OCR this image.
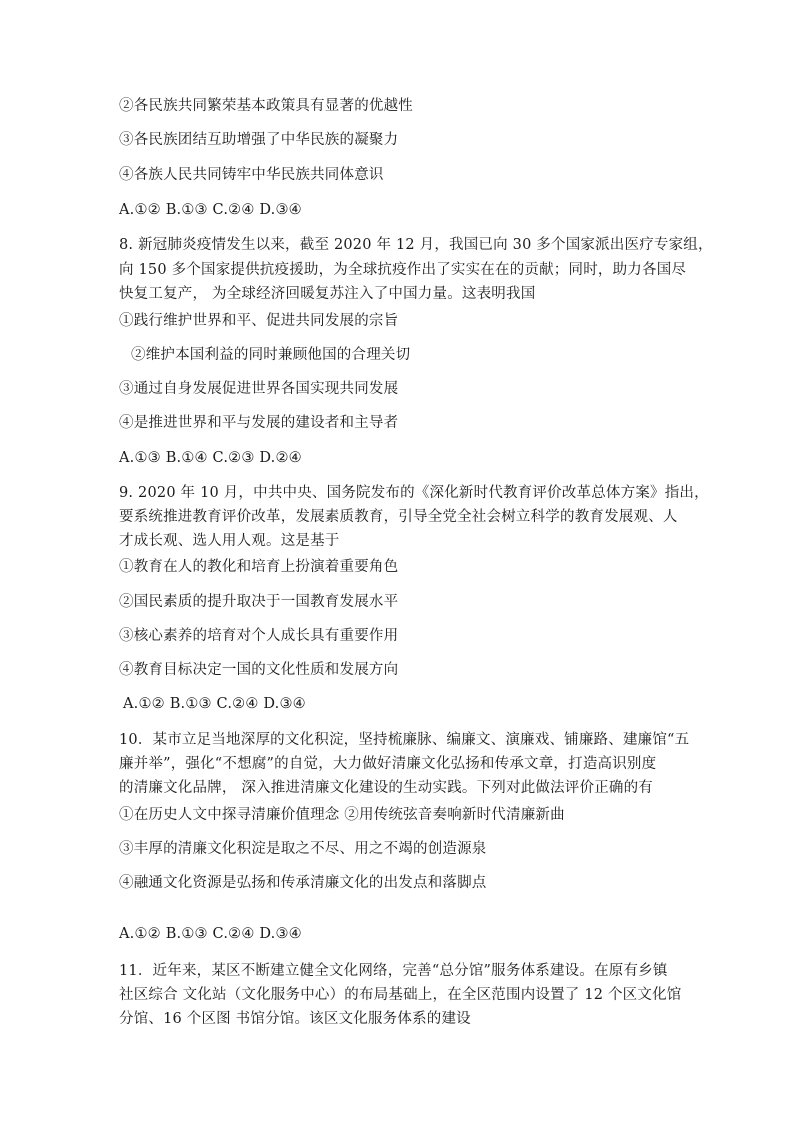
②各民族共同繁荣基本政策具有显著的优越性
③各民族团结互助增强了中华民族的凝聚力
④各族人民共同铸牢中华民族共同体意识
A.①② B.①③ C.②④ D.③④
8. 新冠肺炎疫情发生以来，截至 2020 年 12 月，我国已向 30 多个国家派出医疗专家组，
向 150 多个国家提供抗疫援助，为全球抗疫作出了实实在在的贡献；同时，助力各国尽
快复工复产， 为全球经济回暖复苏注入了中国力量。这表明我国
①践行维护世界和平、促进共同发展的宗旨
②维护本国利益的同时兼顾他国的合理关切
③通过自身发展促进世界各国实现共同发展
④是推进世界和平与发展的建设者和主导者
A.①③ B.①④ C.②③ D.②④
9. 2020 年 10 月，中共中央、国务院发布的《深化新时代教育评价改革总体方案》指出，
要系统推进教育评价改革，发展素质教育，引导全党全社会树立科学的教育发展观、人
才成长观、选人用人观。这是基于
①教育在人的教化和培育上扮演着重要角色
②国民素质的提升取决于一国教育发展水平
③核心素养的培育对个人成长具有重要作用
④教育目标决定一国的文化性质和发展方向
A.①② B.①③ C.②④ D.③④
10．某市立足当地深厚的文化积淀，坚持梳廉脉、编廉文、演廉戏、铺廉路、建廉馆“五
廉并举”，强化“不想腐”的自觉，大力做好清廉文化弘扬和传承文章，打造高识别度
的清廉文化品牌， 深入推进清廉文化建设的生动实践。下列对此做法评价正确的有
①在历史人文中探寻清廉价值理念 ②用传统弦音奏响新时代清廉新曲
③丰厚的清廉文化积淀是取之不尽、用之不竭的创造源泉
④融通文化资源是弘扬和传承清廉文化的出发点和落脚点
A.①② B.①③ C.②④ D.③④
11．近年来，某区不断建立健全文化网络，完善“总分馆”服务体系建设。在原有乡镇
社区综合 文化站（文化服务中心）的布局基础上，在全区范围内设置了 12 个区文化馆
分馆、16 个区图 书馆分馆。该区文化服务体系的建设
